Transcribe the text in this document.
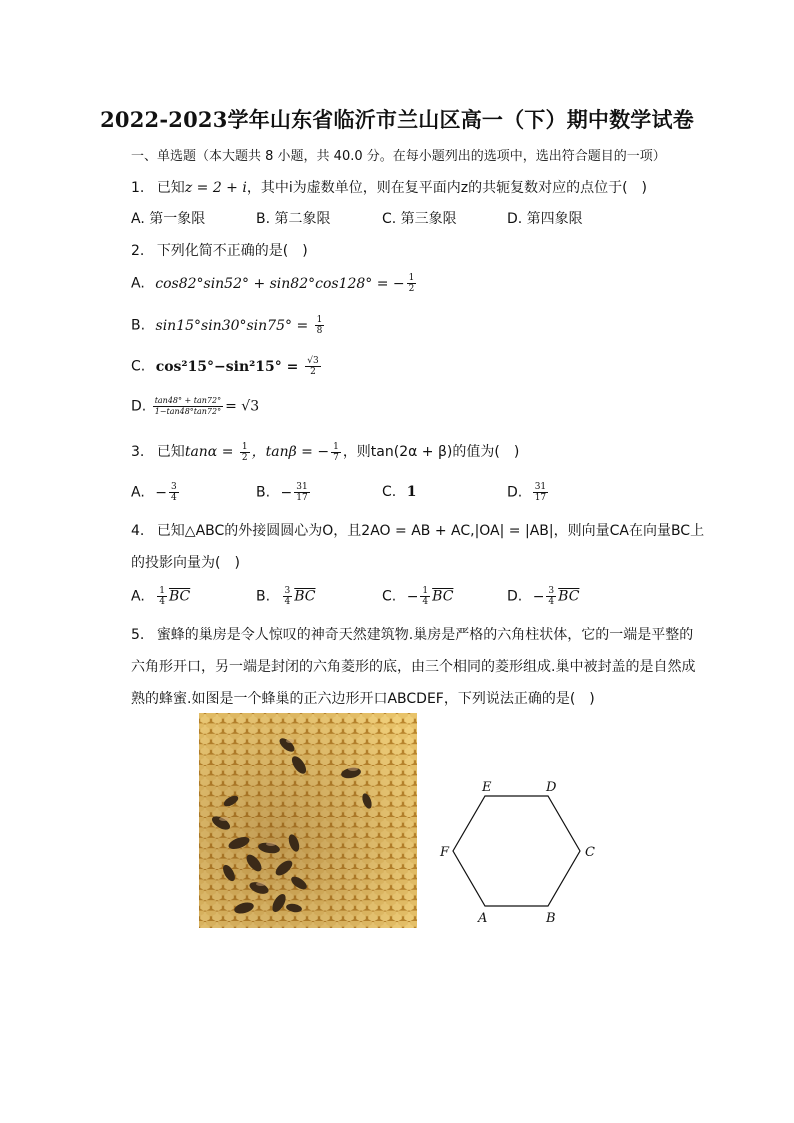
2022-2023学年山东省临沂市兰山区高一（下）期中数学试卷
一、单选题（本大题共 8 小题，共 40.0 分。在每小题列出的选项中，选出符合题目的一项）
1. 已知z = 2 + i，其中i为虚数单位，则在复平面内z的共轭复数对应的点位于(　)
A. 第一象限	B. 第二象限	C. 第三象限	D. 第四象限
2. 下列化简不正确的是(　)
A. cos82°sin52° + sin82°cos128° = − $\frac{1}{2}$
B. $\sin 15^\circ\sin 30^\circ\sin 75^\circ = \frac{1}{8}$
C. $\cos^215^\circ-\sin^215^\circ = \frac{√3}{2}$
D. $\frac{\tan 48^\circ + \tan 72^\circ}{1-\tan 48^\circ\tan 72^\circ} = √3$
3. 已知$\tan\alpha = \frac{1}{2}$ ，tanβ = − $\frac{1}{7}$ ，则tan(2α + β)的值为(　)
A. − $\frac{3}{4}$	B. − $\frac{31}{17}$	C. 1	D. $\frac{31}{17}$
4. 已知△ABC的外接圆圆心为O，且2AO = AB + AC,|OA| = |AB|，则向量CA在向量BC上
的投影向量为(　)
A. $\frac{1}{4} \overline{BC}$	B. $\frac{3}{4} \overline{BC}$	C. − $\frac{1}{4} \overline{BC}$	D. − $\frac{3}{4} \overline{BC}$
5. 蜜蜂的巢房是令人惊叹的神奇天然建筑物.巢房是严格的六角柱状体，它的一端是平整的
六角形开口，另一端是封闭的六角菱形的底，由三个相同的菱形组成.巢中被封盖的是自然成
熟的蜂蜜.如图是一个蜂巢的正六边形开口ABCDEF，下列说法正确的是(　)
A	B
C
D
E
F
